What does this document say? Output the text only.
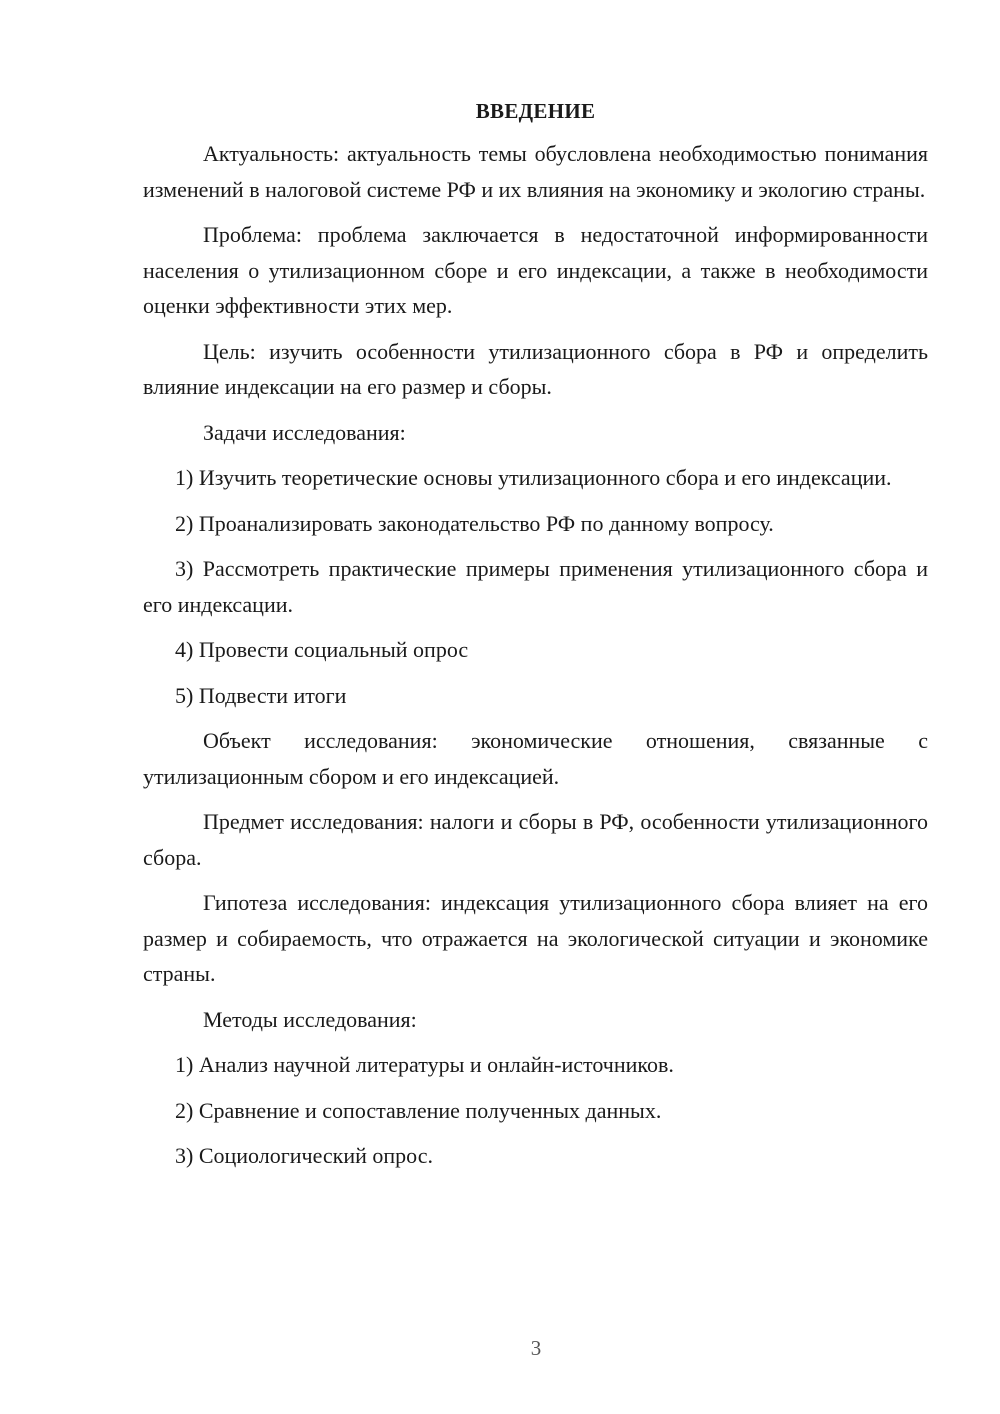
ВВЕДЕНИЕ

Актуальность: актуальность темы обусловлена необходимостью понимания изменений в налоговой системе РФ и их влияния на экономику и экологию страны.

Проблема: проблема заключается в недостаточной информированности населения о утилизационном сборе и его индексации, а также в необходимости оценки эффективности этих мер.

Цель: изучить особенности утилизационного сбора в РФ и определить влияние индексации на его размер и сборы.

Задачи исследования:

1) Изучить теоретические основы утилизационного сбора и его индексации.

2) Проанализировать законодательство РФ по данному вопросу.

3) Рассмотреть практические примеры применения утилизационного сбора и его индексации.

4) Провести социальный опрос

5) Подвести итоги

Объект исследования: экономические отношения, связанные с утилизационным сбором и его индексацией.

Предмет исследования: налоги и сборы в РФ, особенности утилизационного сбора.

Гипотеза исследования: индексация утилизационного сбора влияет на его размер и собираемость, что отражается на экологической ситуации и экономике страны.

Методы исследования:

1) Анализ научной литературы и онлайн-источников.

2) Сравнение и сопоставление полученных данных.

3) Социологический опрос.

3
